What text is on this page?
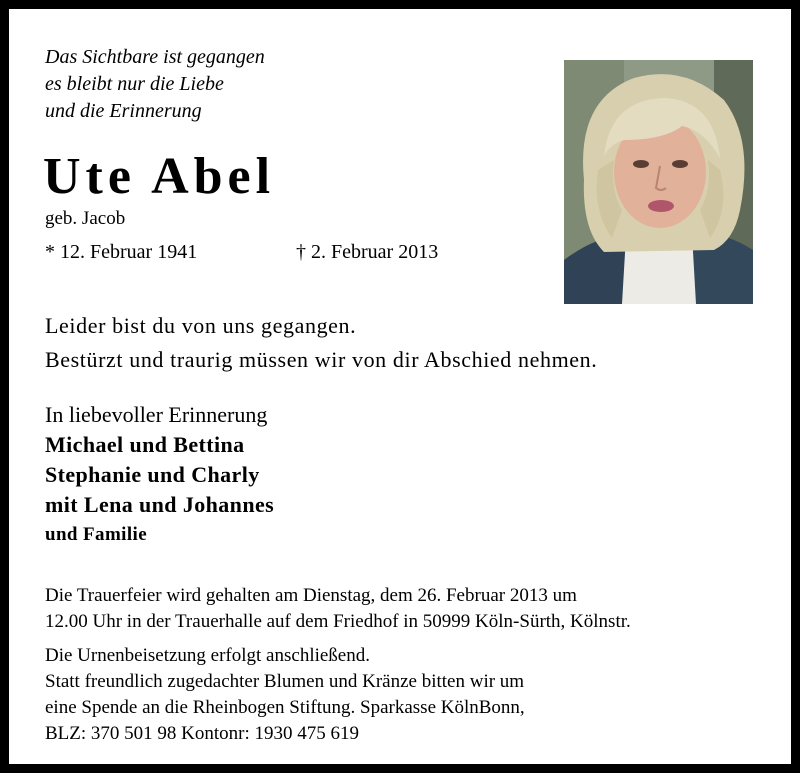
Das Sichtbare ist gegangen
es bleibt nur die Liebe
und die Erinnerung
Ute Abel
geb. Jacob
* 12. Februar 1941	† 2. Februar 2013
Leider bist du von uns gegangen.
Bestürzt und traurig müssen wir von dir Abschied nehmen.
In liebevoller Erinnerung
Michael und Bettina
Stephanie und Charly
mit Lena und Johannes
und Familie
Die Trauerfeier wird gehalten am Dienstag, dem 26. Februar 2013 um
12.00 Uhr in der Trauerhalle auf dem Friedhof in 50999 Köln-Sürth, Kölnstr.
Die Urnenbeisetzung erfolgt anschließend.
Statt freundlich zugedachter Blumen und Kränze bitten wir um
eine Spende an die Rheinbogen Stiftung. Sparkasse KölnBonn,
BLZ: 370 501 98 Kontonr: 1930 475 619
